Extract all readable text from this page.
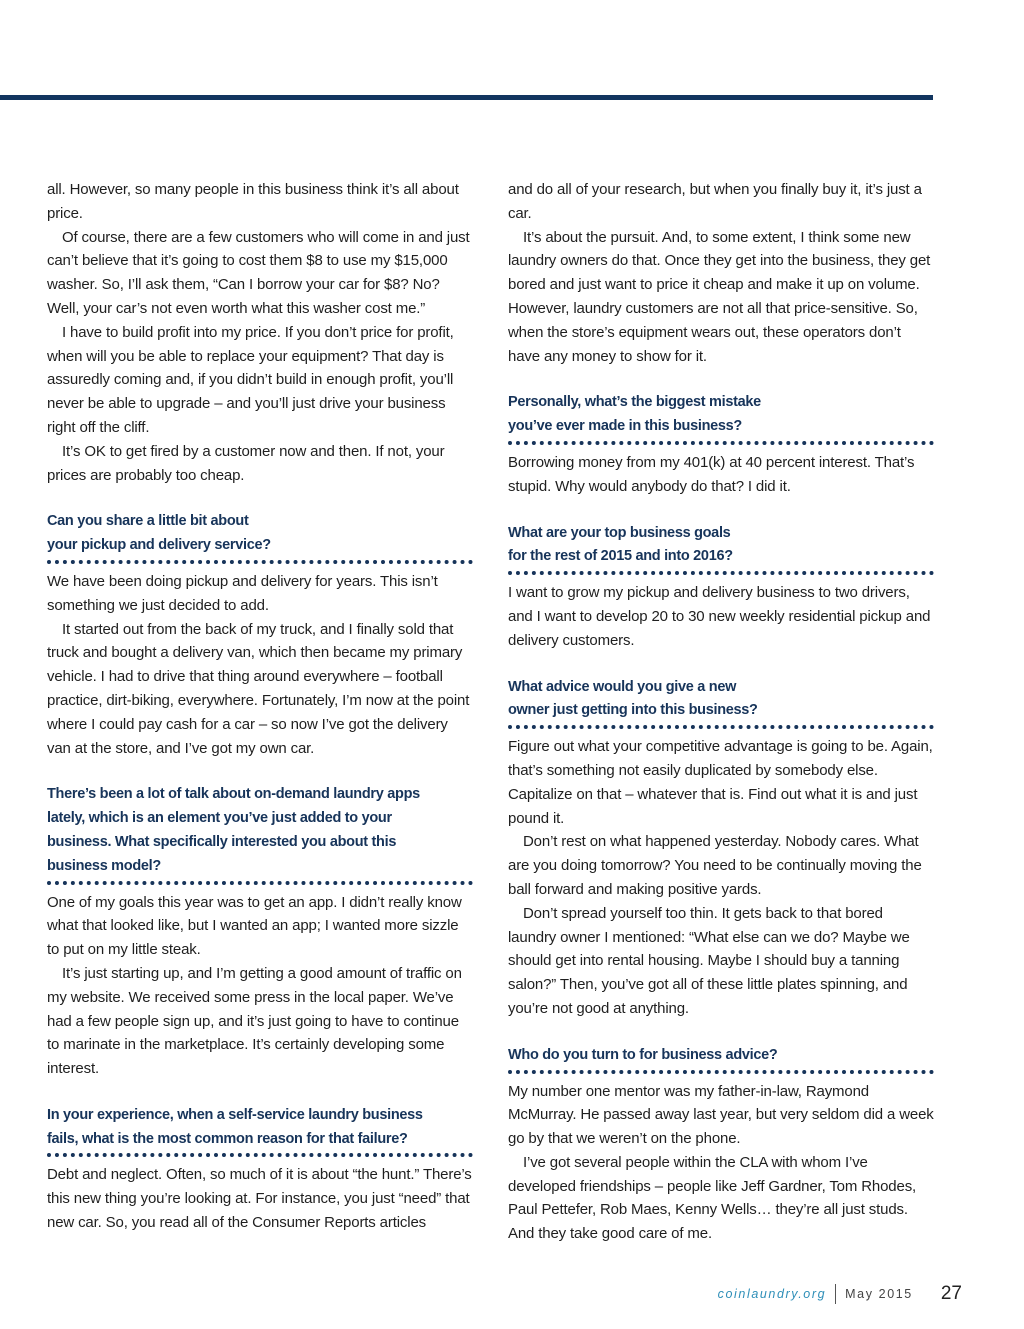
all. However, so many people in this business think it’s all about price.

Of course, there are a few customers who will come in and just can’t believe that it’s going to cost them $8 to use my $15,000 washer. So, I’ll ask them, “Can I borrow your car for $8? No? Well, your car’s not even worth what this washer cost me.”

I have to build profit into my price. If you don’t price for profit, when will you be able to replace your equipment? That day is assuredly coming and, if you didn’t build in enough profit, you’ll never be able to upgrade – and you’ll just drive your business right off the cliff.

It’s OK to get fired by a customer now and then. If not, your prices are probably too cheap.

Can you share a little bit about
your pickup and delivery service?

We have been doing pickup and delivery for years. This isn’t something we just decided to add.

It started out from the back of my truck, and I finally sold that truck and bought a delivery van, which then became my primary vehicle. I had to drive that thing around everywhere – football practice, dirt-biking, everywhere. Fortunately, I’m now at the point where I could pay cash for a car – so now I’ve got the delivery van at the store, and I’ve got my own car.

There’s been a lot of talk about on-demand laundry apps
lately, which is an element you’ve just added to your
business. What specifically interested you about this
business model?

One of my goals this year was to get an app. I didn’t really know what that looked like, but I wanted an app; I wanted more sizzle to put on my little steak.

It’s just starting up, and I’m getting a good amount of traffic on my website. We received some press in the local paper. We’ve had a few people sign up, and it’s just going to have to continue to marinate in the marketplace. It’s certainly developing some interest.

In your experience, when a self-service laundry business
fails, what is the most common reason for that failure?

Debt and neglect. Often, so much of it is about “the hunt.” There’s this new thing you’re looking at. For instance, you just “need” that new car. So, you read all of the Consumer Reports articles

and do all of your research, but when you finally buy it, it’s just a car.

It’s about the pursuit. And, to some extent, I think some new laundry owners do that. Once they get into the business, they get bored and just want to price it cheap and make it up on volume. However, laundry customers are not all that price-sensitive. So, when the store’s equipment wears out, these operators don’t have any money to show for it.

Personally, what’s the biggest mistake
you’ve ever made in this business?

Borrowing money from my 401(k) at 40 percent interest. That’s stupid. Why would anybody do that? I did it.

What are your top business goals
for the rest of 2015 and into 2016?

I want to grow my pickup and delivery business to two drivers, and I want to develop 20 to 30 new weekly residential pickup and delivery customers.

What advice would you give a new
owner just getting into this business?

Figure out what your competitive advantage is going to be. Again, that’s something not easily duplicated by somebody else. Capitalize on that – whatever that is. Find out what it is and just pound it.

Don’t rest on what happened yesterday. Nobody cares. What are you doing tomorrow? You need to be continually moving the ball forward and making positive yards.

Don’t spread yourself too thin. It gets back to that bored laundry owner I mentioned: “What else can we do? Maybe we should get into rental housing. Maybe I should buy a tanning salon?” Then, you’ve got all of these little plates spinning, and you’re not good at anything.

Who do you turn to for business advice?

My number one mentor was my father-in-law, Raymond McMurray. He passed away last year, but very seldom did a week go by that we weren’t on the phone.

I’ve got several people within the CLA with whom I’ve developed friendships – people like Jeff Gardner, Tom Rhodes, Paul Pettefer, Rob Maes, Kenny Wells… they’re all just studs. And they take good care of me.

coinlaundry.org May 2015 27
